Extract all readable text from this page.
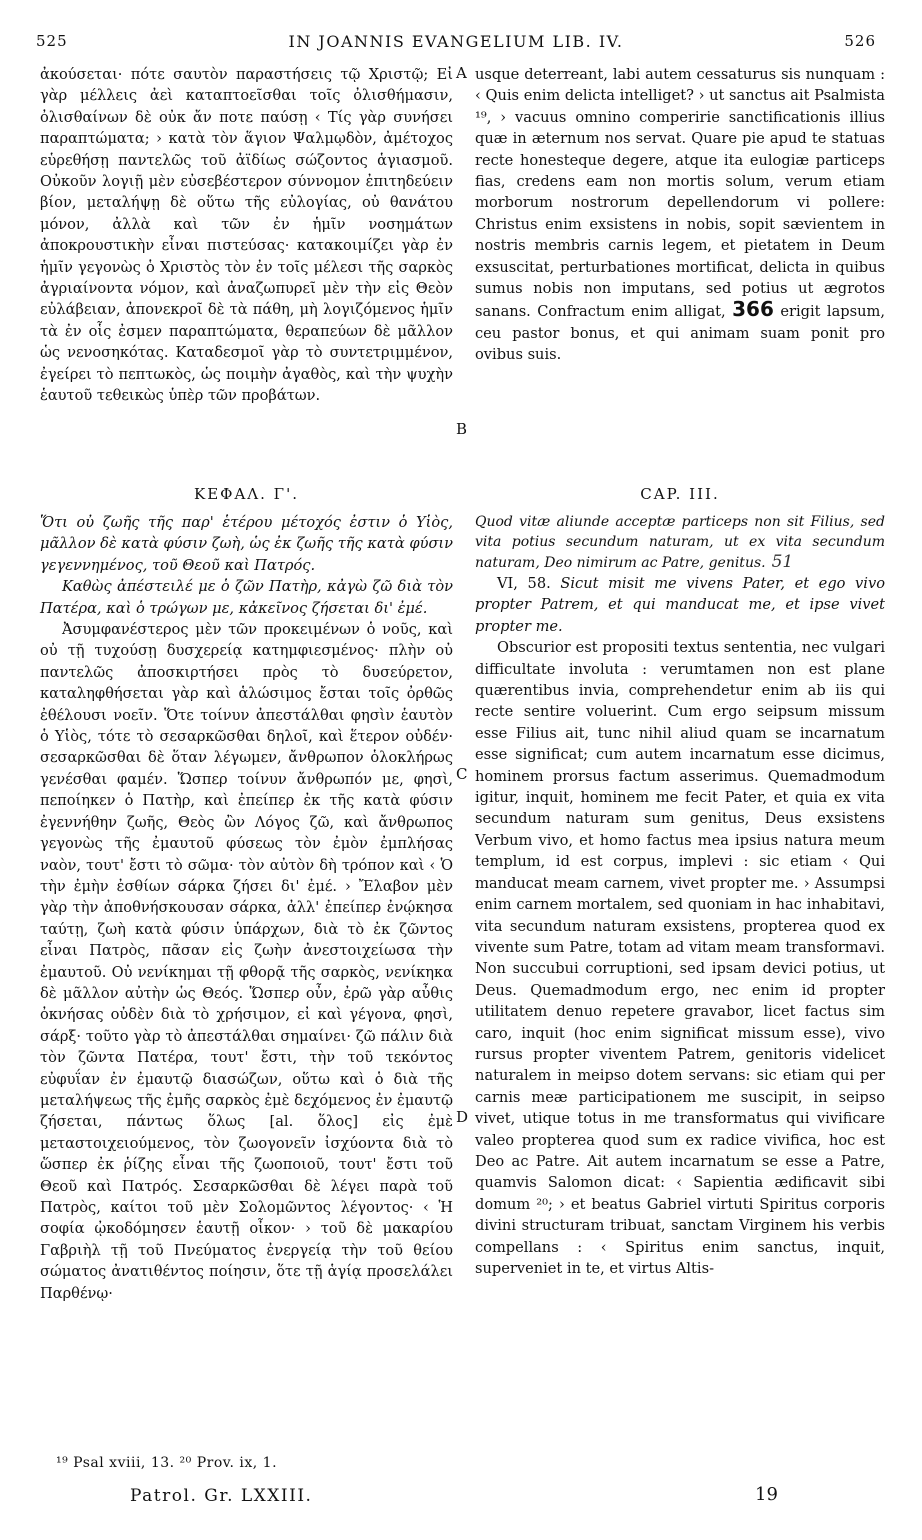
525	IN JOANNIS EVANGELIUM LIB. IV.	526
A
B
C
D

ἀκούσεται· πότε σαυτὸν παραστήσεις τῷ Χριστῷ; Εἰ γὰρ μέλλεις ἀεὶ καταπτοεῖσθαι τοῖς ὀλισθήμασιν, ὀλισθαίνων δὲ οὐκ ἄν ποτε παύσῃ ‹ Τίς γὰρ συνήσει παραπτώματα; › κατὰ τὸν ἅγιον Ψαλμῳδὸν, ἀμέτοχος εὑρεθήσῃ παντελῶς τοῦ ἀϊδίως σώζοντος ἁγιασμοῦ. Οὐκοῦν λογιῇ μὲν εὐσεβέστερον σύννομον ἐπιτηδεύειν βίον, μεταλήψῃ δὲ οὕτω τῆς εὐλογίας, οὐ θανάτου μόνον, ἀλλὰ καὶ τῶν ἐν ἡμῖν νοσημάτων ἀποκρουστικὴν εἶναι πιστεύσας· κατακοιμίζει γὰρ ἐν ἡμῖν γεγονὼς ὁ Χριστὸς τὸν ἐν τοῖς μέλεσι τῆς σαρκὸς ἀγριαίνοντα νόμον, καὶ ἀναζωπυρεῖ μὲν τὴν εἰς Θεὸν εὐλάβειαν, ἀπονεκροῖ δὲ τὰ πάθη, μὴ λογιζόμενος ἡμῖν τὰ ἐν οἷς ἐσμεν παραπτώματα, θεραπεύων δὲ μᾶλλον ὡς νενοσηκότας. Καταδεσμοῖ γὰρ τὸ συντετριμμένον, ἐγείρει τὸ πεπτωκὸς, ὡς ποιμὴν ἀγαθὸς, καὶ τὴν ψυχὴν ἑαυτοῦ τεθεικὼς ὑπὲρ τῶν προβάτων.

usque deterreant, labi autem cessaturus sis nunquam : ‹ Quis enim delicta intelliget? › ut sanctus ait Psalmista ¹⁹, › vacuus omnino comperirie sanctificationis illius quæ in æternum nos servat. Quare pie apud te statuas recte honesteque degere, atque ita eulogiæ particeps fias, credens eam non mortis solum, verum etiam morborum nostrorum depellendorum vi pollere: Christus enim exsistens in nobis, sopit sævientem in nostris membris carnis legem, et pietatem in Deum exsuscitat, perturbationes mortificat, delicta in quibus sumus nobis non imputans, sed potius ut ægrotos sanans. Confractum enim alligat, 366 erigit lapsum, ceu pastor bonus, et qui animam suam ponit pro ovibus suis.

ΚΕΦΑΛ. Γ'.	CAP. III.

Ὅτι οὐ ζωῆς τῆς παρ' ἑτέρου μέτοχός ἐστιν ὁ Υἱὸς, μᾶλλον δὲ κατὰ φύσιν ζωὴ, ὡς ἐκ ζωῆς τῆς κατὰ φύσιν γεγεννημένος, τοῦ Θεοῦ καὶ Πατρός.

Καθὼς ἀπέστειλέ με ὁ ζῶν Πατὴρ, κἀγὼ ζῶ διὰ τὸν Πατέρα, καὶ ὁ τρώγων με, κἀκεῖνος ζήσεται δι' ἐμέ.

Ἀσυμφανέστερος μὲν τῶν προκειμένων ὁ νοῦς, καὶ οὐ τῇ τυχούσῃ δυσχερείᾳ κατημφιεσμένος· πλὴν οὐ παντελῶς ἀποσκιρτήσει πρὸς τὸ δυσεύρετον, καταληφθήσεται γὰρ καὶ ἁλώσιμος ἔσται τοῖς ὀρθῶς ἐθέλουσι νοεῖν. Ὅτε τοίνυν ἀπεστάλθαι φησὶν ἑαυτὸν ὁ Υἱὸς, τότε τὸ σεσαρκῶσθαι δηλοῖ, καὶ ἕτερον οὐδέν· σεσαρκῶσθαι δὲ ὅταν λέγωμεν, ἄνθρωπον ὁλοκλήρως γενέσθαι φαμέν. Ὥσπερ τοίνυν ἄνθρωπόν με, φησὶ, πεποίηκεν ὁ Πατὴρ, καὶ ἐπείπερ ἐκ τῆς κατὰ φύσιν ἐγεννήθην ζωῆς, Θεὸς ὢν Λόγος ζῶ, καὶ ἄνθρωπος γεγονὼς τῆς ἐμαυτοῦ φύσεως τὸν ἐμὸν ἐμπλήσας ναὸν, τουτ' ἔστι τὸ σῶμα· τὸν αὐτὸν δὴ τρόπον καὶ ‹ Ὁ τὴν ἐμὴν ἐσθίων σάρκα ζήσει δι' ἐμέ. › Ἔλαβον μὲν γὰρ τὴν ἀποθνήσκουσαν σάρκα, ἀλλ' ἐπείπερ ἐνῴκησα ταύτῃ, ζωὴ κατὰ φύσιν ὑπάρχων, διὰ τὸ ἐκ ζῶντος εἶναι Πατρὸς, πᾶσαν εἰς ζωὴν ἀνεστοιχείωσα τὴν ἐμαυτοῦ. Οὐ νενίκημαι τῇ φθορᾷ τῆς σαρκὸς, νενίκηκα δὲ μᾶλλον αὐτὴν ὡς Θεός. Ὥσπερ οὖν, ἐρῶ γὰρ αὖθις ὀκνήσας οὐδὲν διὰ τὸ χρήσιμον, εἰ καὶ γέγονα, φησὶ, σάρξ· τοῦτο γὰρ τὸ ἀπεστάλθαι σημαίνει· ζῶ πάλιν διὰ τὸν ζῶντα Πατέρα, τουτ' ἔστι, τὴν τοῦ τεκόντος εὐφυΐαν ἐν ἐμαυτῷ διασώζων, οὕτω καὶ ὁ διὰ τῆς μεταλήψεως τῆς ἐμῆς σαρκὸς ἐμὲ δεχόμενος ἐν ἐμαυτῷ ζήσεται, πάντως ὅλως [al. ὅλος] εἰς ἐμὲ μεταστοιχειούμενος, τὸν ζωογονεῖν ἰσχύοντα διὰ τὸ ὥσπερ ἐκ ῥίζης εἶναι τῆς ζωοποιοῦ, τουτ' ἔστι τοῦ Θεοῦ καὶ Πατρός. Σεσαρκῶσθαι δὲ λέγει παρὰ τοῦ Πατρὸς, καίτοι τοῦ μὲν Σολομῶντος λέγοντος· ‹ Ἡ σοφία ᾠκοδόμησεν ἑαυτῇ οἶκον· › τοῦ δὲ μακαρίου Γαβριὴλ τῇ τοῦ Πνεύματος ἐνεργείᾳ τὴν τοῦ θείου σώματος ἀνατιθέντος ποίησιν, ὅτε τῇ ἁγίᾳ προσελάλει Παρθένῳ·

Quod vitæ aliunde acceptæ particeps non sit Filius, sed vita potius secundum naturam, ut ex vita secundum naturam, Deo nimirum ac Patre, genitus. 51

VI, 58. Sicut misit me vivens Pater, et ego vivo propter Patrem, et qui manducat me, et ipse vivet propter me.

Obscurior est propositi textus sententia, nec vulgari difficultate involuta : verumtamen non est plane quærentibus invia, comprehendetur enim ab iis qui recte sentire voluerint. Cum ergo seipsum missum esse Filius ait, tunc nihil aliud quam se incarnatum esse significat; cum autem incarnatum esse dicimus, hominem prorsus factum asserimus. Quemadmodum igitur, inquit, hominem me fecit Pater, et quia ex vita secundum naturam sum genitus, Deus exsistens Verbum vivo, et homo factus mea ipsius natura meum templum, id est corpus, implevi : sic etiam ‹ Qui manducat meam carnem, vivet propter me. › Assumpsi enim carnem mortalem, sed quoniam in hac inhabitavi, vita secundum naturam exsistens, propterea quod ex vivente sum Patre, totam ad vitam meam transformavi. Non succubui corruptioni, sed ipsam devici potius, ut Deus. Quemadmodum ergo, nec enim id propter utilitatem denuo repetere gravabor, licet factus sim caro, inquit (hoc enim significat missum esse), vivo rursus propter viventem Patrem, genitoris videlicet naturalem in meipso dotem servans: sic etiam qui per carnis meæ participationem me suscipit, in seipso vivet, utique totus in me transformatus qui vivificare valeo propterea quod sum ex radice vivifica, hoc est Deo ac Patre. Ait autem incarnatum se esse a Patre, quamvis Salomon dicat: ‹ Sapientia ædificavit sibi domum ²⁰; › et beatus Gabriel virtuti Spiritus corporis divini structuram tribuat, sanctam Virginem his verbis compellans : ‹ Spiritus enim sanctus, inquit, superveniet in te, et virtus Altis-

¹⁹ Psal xviii, 13. ²⁰ Prov. ix, 1.
Patrol. Gr. LXXIII.	19
